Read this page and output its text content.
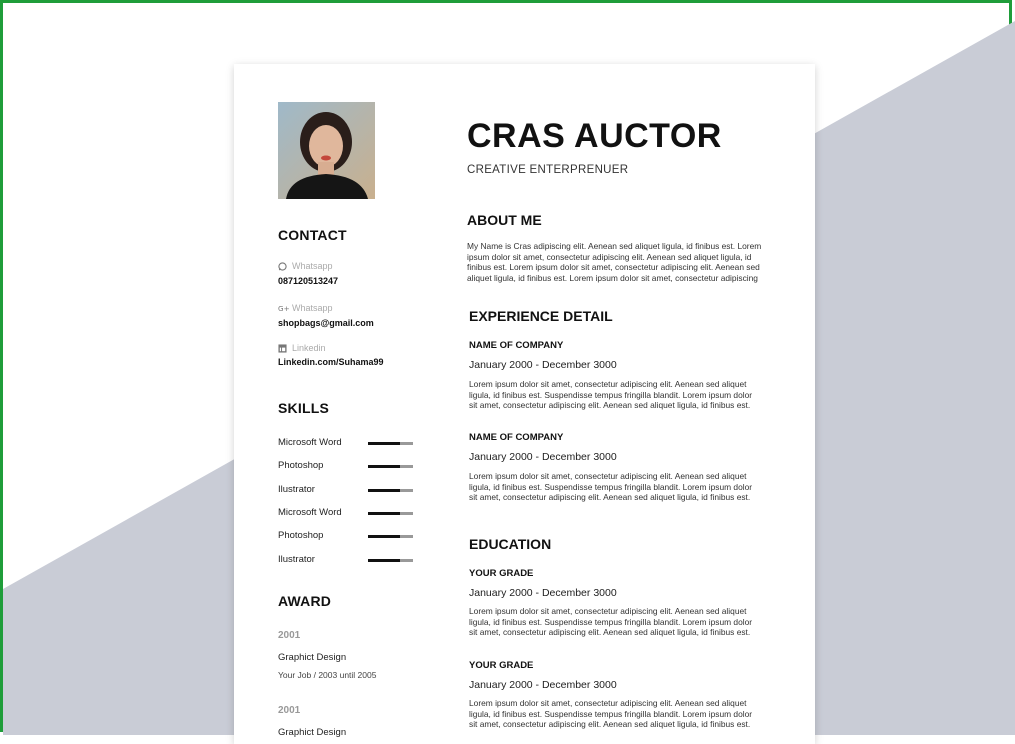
CONTACT
Whatsapp
087120513247
G+ Whatsapp
shopbags@gmail.com
Linkedin
Linkedin.com/Suhama99
SKILLS
Microsoft Word
Photoshop
Ilustrator
Microsoft Word
Photoshop
Ilustrator
AWARD
2001
Graphict Design
Your Job / 2003 until 2005
2001
Graphict Design
CRAS AUCTOR
CREATIVE ENTERPRENUER
ABOUT ME
My Name is Cras adipiscing elit. Aenean sed aliquet ligula, id finibus est. Lorem
ipsum dolor sit amet, consectetur adipiscing elit. Aenean sed aliquet ligula, id
finibus est. Lorem ipsum dolor sit amet, consectetur adipiscing elit. Aenean sed
aliquet ligula, id finibus est. Lorem ipsum dolor sit amet, consectetur adipiscing
EXPERIENCE DETAIL
NAME OF COMPANY
January 2000 - December 3000
Lorem ipsum dolor sit amet, consectetur adipiscing elit. Aenean sed aliquet
ligula, id finibus est. Suspendisse tempus fringilla blandit. Lorem ipsum dolor
sit amet, consectetur adipiscing elit. Aenean sed aliquet ligula, id finibus est.
NAME OF COMPANY
January 2000 - December 3000
Lorem ipsum dolor sit amet, consectetur adipiscing elit. Aenean sed aliquet
ligula, id finibus est. Suspendisse tempus fringilla blandit. Lorem ipsum dolor
sit amet, consectetur adipiscing elit. Aenean sed aliquet ligula, id finibus est.
EDUCATION
YOUR GRADE
January 2000 - December 3000
Lorem ipsum dolor sit amet, consectetur adipiscing elit. Aenean sed aliquet
ligula, id finibus est. Suspendisse tempus fringilla blandit. Lorem ipsum dolor
sit amet, consectetur adipiscing elit. Aenean sed aliquet ligula, id finibus est.
YOUR GRADE
January 2000 - December 3000
Lorem ipsum dolor sit amet, consectetur adipiscing elit. Aenean sed aliquet
ligula, id finibus est. Suspendisse tempus fringilla blandit. Lorem ipsum dolor
sit amet, consectetur adipiscing elit. Aenean sed aliquet ligula, id finibus est.
